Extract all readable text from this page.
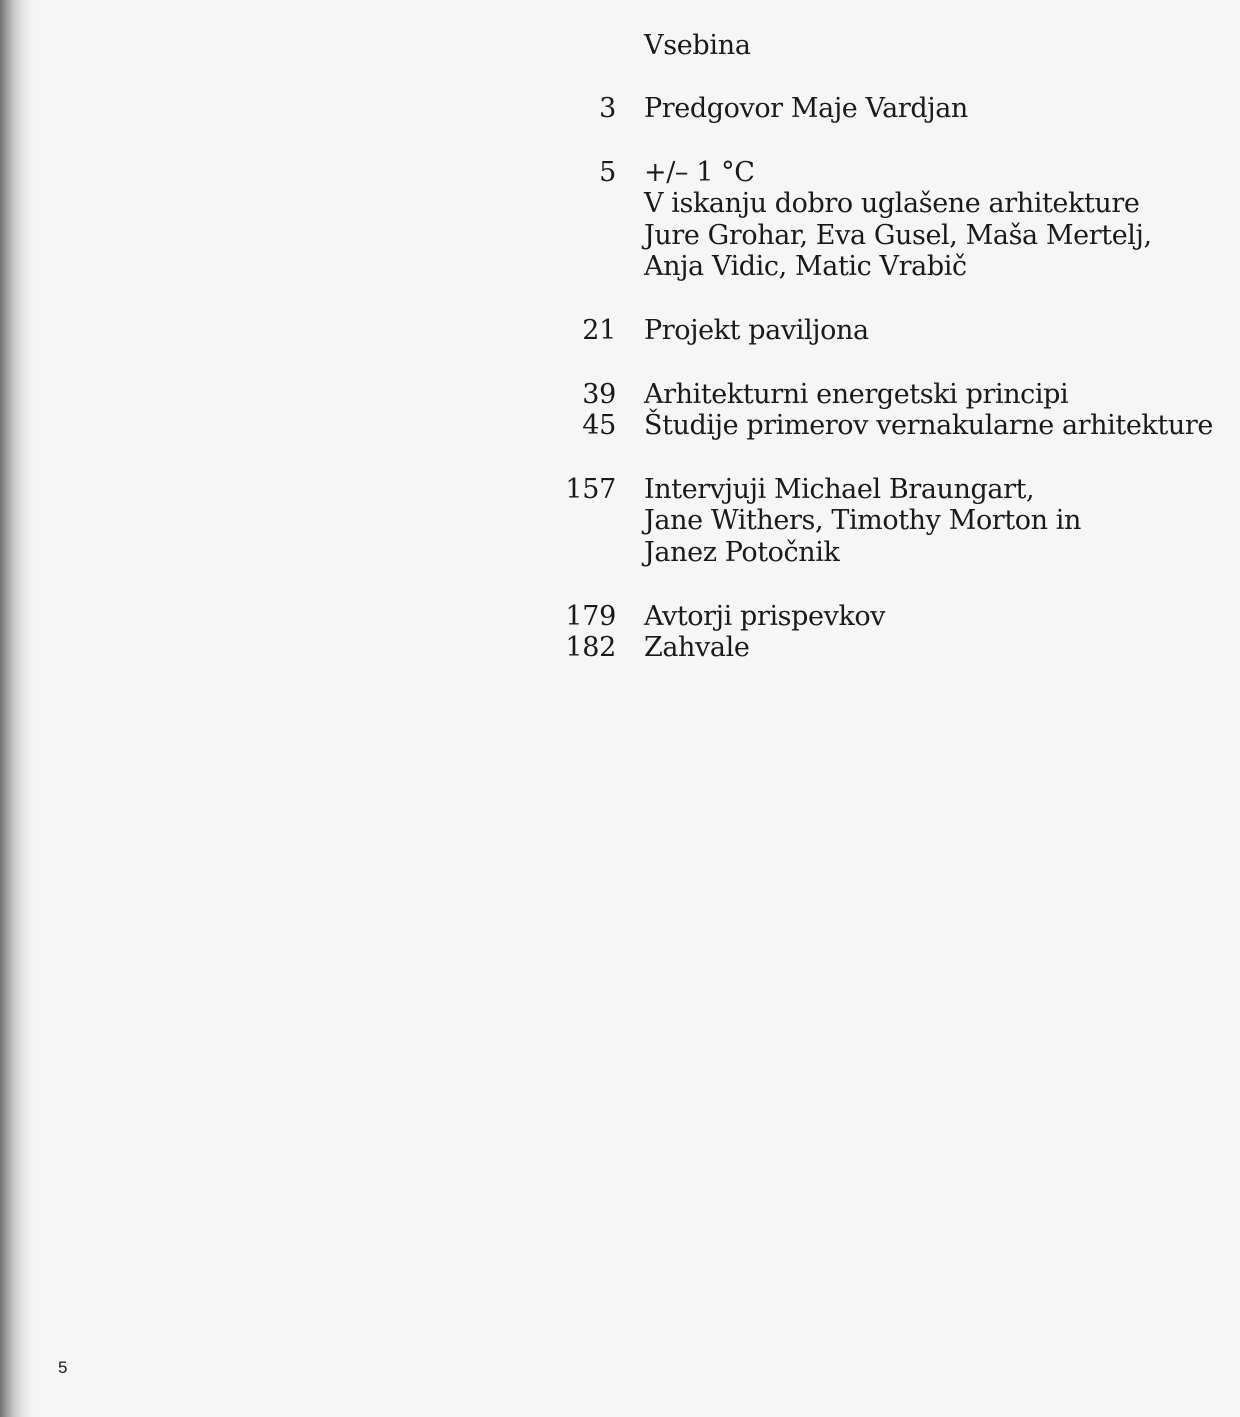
Vsebina
3 Predgovor Maje Vardjan
5 +/– 1 °C
V iskanju dobro uglašene arhitekture
Jure Grohar, Eva Gusel, Maša Mertelj,
Anja Vidic, Matic Vrabič
21 Projekt paviljona
39 Arhitekturni energetski principi
45 Študije primerov vernakularne arhitekture
157 Intervjuji Michael Braungart,
Jane Withers, Timothy Morton in
Janez Potočnik
179 Avtorji prispevkov
182 Zahvale
5
